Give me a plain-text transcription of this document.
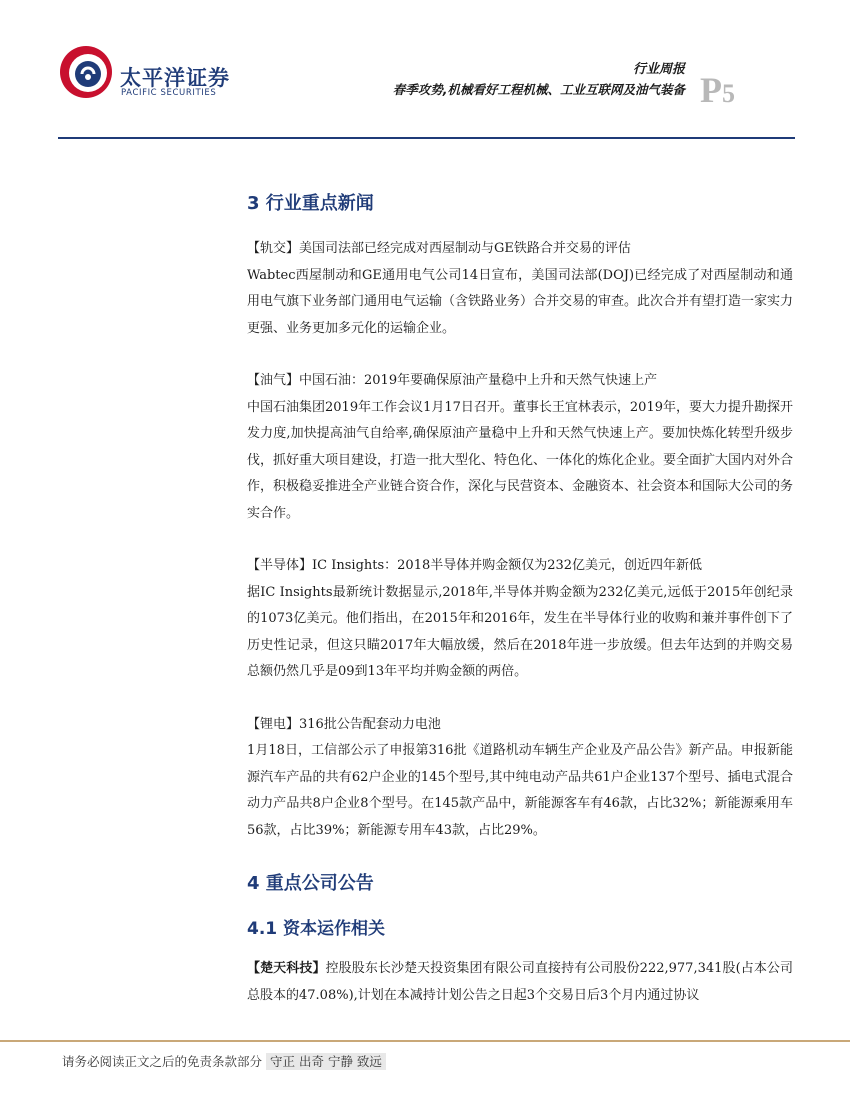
太平洋证券
PACIFIC SECURITIES
行业周报
春季攻势,机械看好工程机械、工业互联网及油气装备 P5
3 行业重点新闻

【轨交】美国司法部已经完成对西屋制动与GE铁路合并交易的评估

Wabtec西屋制动和GE通用电气公司14日宣布，美国司法部(DOJ)已经完成了对西屋制动和通用电气旗下业务部门通用电气运输（含铁路业务）合并交易的审查。此次合并有望打造一家实力更强、业务更加多元化的运输企业。

【油气】中国石油：2019年要确保原油产量稳中上升和天然气快速上产

中国石油集团2019年工作会议1月17日召开。董事长王宜林表示，2019年，要大力提升勘探开发力度,加快提高油气自给率,确保原油产量稳中上升和天然气快速上产。要加快炼化转型升级步伐，抓好重大项目建设，打造一批大型化、特色化、一体化的炼化企业。要全面扩大国内对外合作，积极稳妥推进全产业链合资合作，深化与民营资本、金融资本、社会资本和国际大公司的务实合作。

【半导体】IC Insights：2018半导体并购金额仅为232亿美元，创近四年新低

据IC Insights最新统计数据显示,2018年,半导体并购金额为232亿美元,远低于2015年创纪录的1073亿美元。他们指出，在2015年和2016年，发生在半导体行业的收购和兼并事件创下了历史性记录，但这只瞄2017年大幅放缓，然后在2018年进一步放缓。但去年达到的并购交易总额仍然几乎是09到13年平均并购金额的两倍。

【锂电】316批公告配套动力电池

1月18日，工信部公示了申报第316批《道路机动车辆生产企业及产品公告》新产品。申报新能源汽车产品的共有62户企业的145个型号,其中纯电动产品共61户企业137个型号、插电式混合动力产品共8户企业8个型号。在145款产品中，新能源客车有46款，占比32%；新能源乘用车56款，占比39%；新能源专用车43款，占比29%。

4 重点公司公告
4.1 资本运作相关

【楚天科技】控股股东长沙楚天投资集团有限公司直接持有公司股份222,977,341股(占本公司总股本的47.08%),计划在本减持计划公告之日起3个交易日后3个月内通过协议

请务必阅读正文之后的免责条款部分 守正 出奇 宁静 致远
